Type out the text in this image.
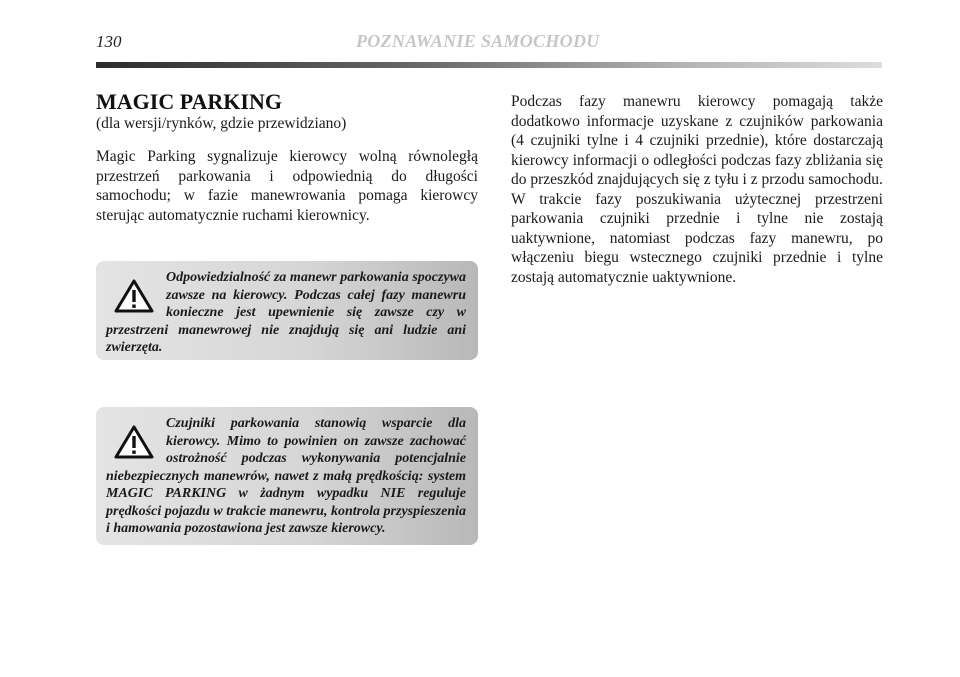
130	POZNAWANIE SAMOCHODU
MAGIC PARKING

(dla wersji/rynków, gdzie przewidziano)

Magic Parking sygnalizuje kierowcy wolną równoległą przestrzeń parkowania i odpowiednią do długości samochodu; w fazie manewrowania pomaga kierowcy sterując automatycznie ruchami kierownicy.

Odpowiedzialność za manewr parkowania spoczywa zawsze na kierowcy. Podczas całej fazy manewru konieczne jest upewnienie się zawsze czy w przestrzeni manewrowej nie znajdują się ani ludzie ani zwierzęta.

Czujniki parkowania stanowią wsparcie dla kierowcy. Mimo to powinien on zawsze zachować ostrożność podczas wykonywania potencjalnie niebezpiecznych manewrów, nawet z małą prędkością: system MAGIC PARKING w żadnym wypadku NIE reguluje prędkości pojazdu w trakcie manewru, kontrola przyspieszenia i hamowania pozostawiona jest zawsze kierowcy.

Podczas fazy manewru kierowcy pomagają także dodatkowo informacje uzyskane z czujników parkowania (4 czujniki tylne i 4 czujniki przednie), które dostarczają kierowcy informacji o odległości podczas fazy zbliżania się do przeszkód znajdujących się z tyłu i z przodu samochodu.

W trakcie fazy poszukiwania użytecznej przestrzeni parkowania czujniki przednie i tylne nie zostają uaktywnione, natomiast podczas fazy manewru, po włączeniu biegu wstecznego czujniki przednie i tylne zostają automatycznie uaktywnione.
